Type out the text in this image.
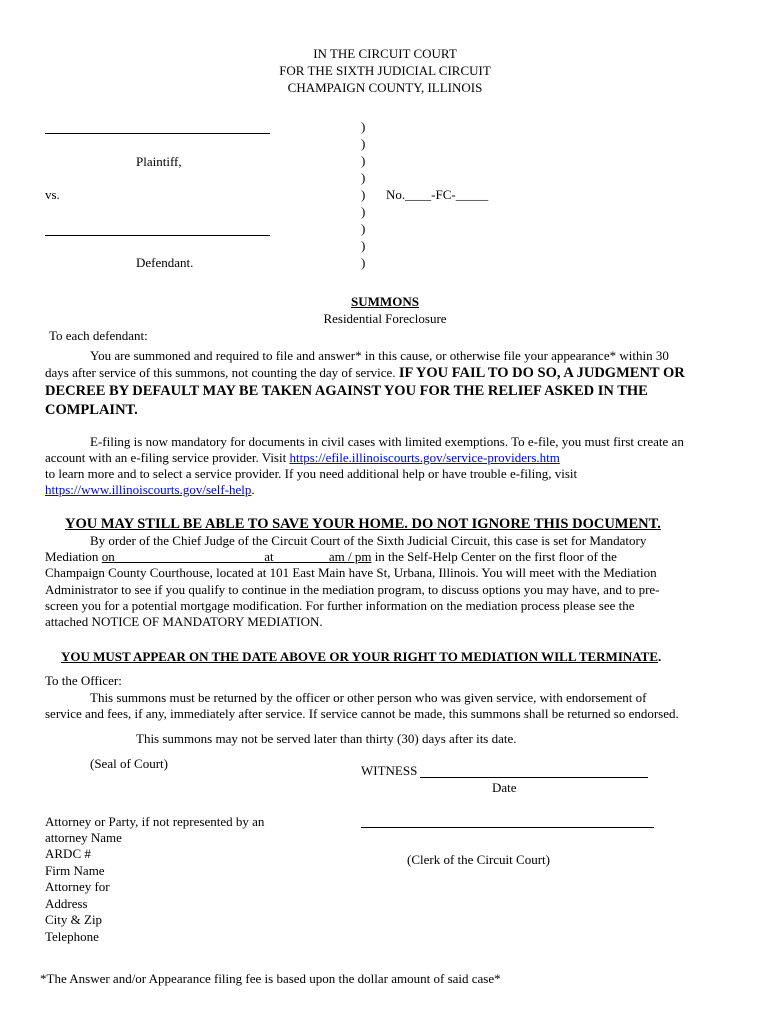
IN THE CIRCUIT COURT
FOR THE SIXTH JUDICIAL CIRCUIT
CHAMPAIGN COUNTY, ILLINOIS
Plaintiff,
vs.
Defendant.
)
)
)
)
)
)
)
)
)
No.____-FC-_____
SUMMONS
Residential Foreclosure
To each defendant:
You are summoned and required to file and answer* in this cause, or otherwise file your appearance* within 30
days after service of this summons, not counting the day of service. IF YOU FAIL TO DO SO, A JUDGMENT OR
DECREE BY DEFAULT MAY BE TAKEN AGAINST YOU FOR THE RELIEF ASKED IN THE
COMPLAINT.
E-filing is now mandatory for documents in civil cases with limited exemptions. To e-file, you must first create an
account with an e-filing service provider. Visit https://efile.illinoiscourts.gov/service-providers.htm
to learn more and to select a service provider. If you need additional help or have trouble e-filing, visit
https://www.illinoiscourts.gov/self-help.
YOU MAY STILL BE ABLE TO SAVE YOUR HOME. DO NOT IGNORE THIS DOCUMENT.
By order of the Chief Judge of the Circuit Court of the Sixth Judicial Circuit, this case is set for Mandatory
Mediation on	at	am / pm in the Self-Help Center on the first floor of the
Champaign County Courthouse, located at 101 East Main have St, Urbana, Illinois. You will meet with the Mediation
Administrator to see if you qualify to continue in the mediation program, to discuss options you may have, and to pre-
screen you for a potential mortgage modification. For further information on the mediation process please see the
attached NOTICE OF MANDATORY MEDIATION.
YOU MUST APPEAR ON THE DATE ABOVE OR YOUR RIGHT TO MEDIATION WILL TERMINATE.
To the Officer:
This summons must be returned by the officer or other person who was given service, with endorsement of
service and fees, if any, immediately after service. If service cannot be made, this summons shall be returned so endorsed.
This summons may not be served later than thirty (30) days after its date.
(Seal of Court)	WITNESS
Date
(Clerk of the Circuit Court)
Attorney or Party, if not represented by an
attorney Name
ARDC #
Firm Name
Attorney for
Address
City & Zip
Telephone
*The Answer and/or Appearance filing fee is based upon the dollar amount of said case*
